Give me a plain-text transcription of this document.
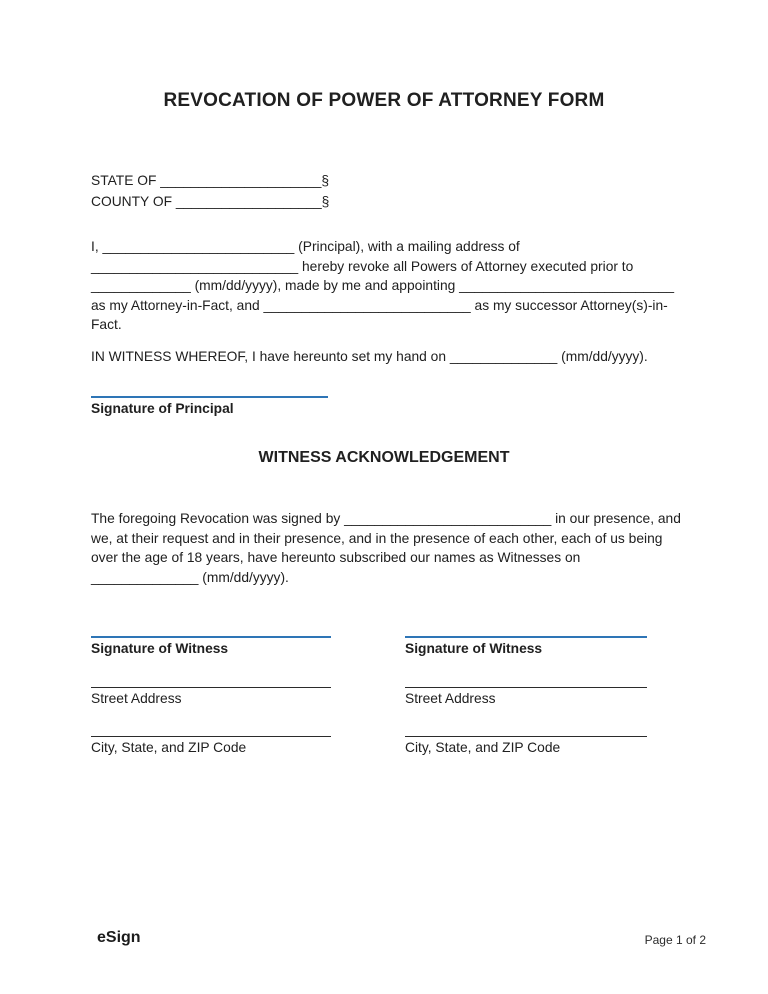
REVOCATION OF POWER OF ATTORNEY FORM
STATE OF _____________________§
COUNTY OF ___________________§
I, _________________________ (Principal), with a mailing address of
___________________________ hereby revoke all Powers of Attorney executed prior to
_____________ (mm/dd/yyyy), made by me and appointing ____________________________
as my Attorney-in-Fact, and ___________________________ as my successor Attorney(s)-in-
Fact.
IN WITNESS WHEREOF, I have hereunto set my hand on ______________ (mm/dd/yyyy).
Signature of Principal
WITNESS ACKNOWLEDGEMENT
The foregoing Revocation was signed by ___________________________ in our presence, and
we, at their request and in their presence, and in the presence of each other, each of us being
over the age of 18 years, have hereunto subscribed our names as Witnesses on
______________ (mm/dd/yyyy).
Signature of Witness
Street Address
City, State, and ZIP Code
Signature of Witness
Street Address
City, State, and ZIP Code
eSign	Page 1 of 2
